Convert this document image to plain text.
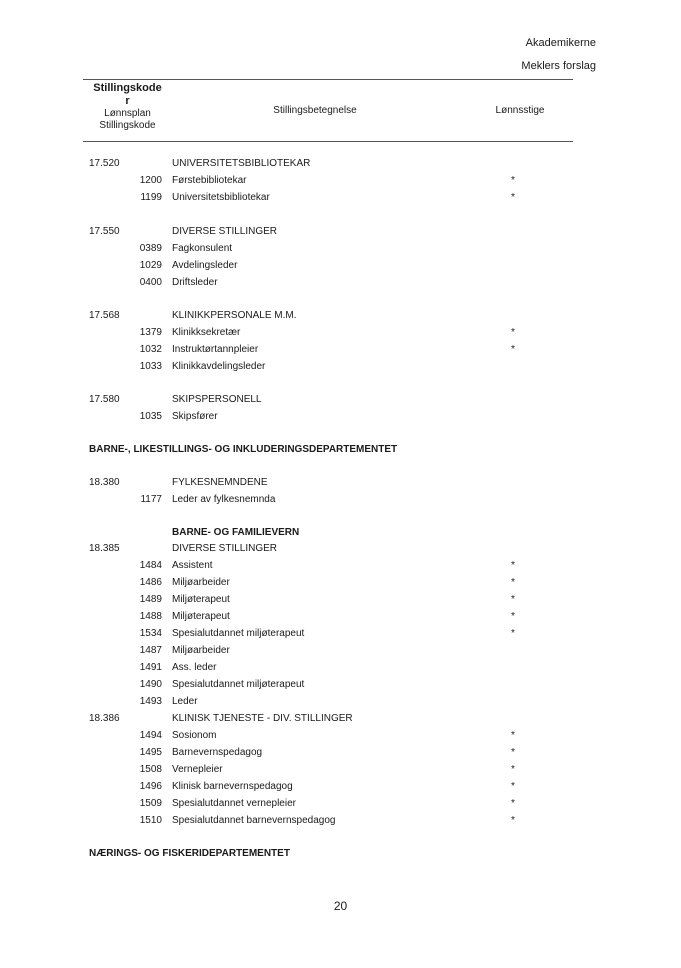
Akademikerne
Meklers forslag
Stillingskode
r
Lønnsplan
Stillingskode
Stillingsbetegnelse	Lønnsstige
17.520	UNIVERSITETSBIBLIOTEKAR
1200 Førstebibliotekar	*
1199 Universitetsbibliotekar	*
17.550	DIVERSE STILLINGER
0389 Fagkonsulent
1029 Avdelingsleder
0400 Driftsleder
17.568	KLINIKKPERSONALE M.M.
1379 Klinikksekretær	*
1032 Instruktørtannpleier	*
1033 Klinikkavdelingsleder
17.580	SKIPSPERSONELL
1035 Skipsfører
BARNE-, LIKESTILLINGS- OG INKLUDERINGSDEPARTEMENTET
18.380	FYLKESNEMNDENE
1177 Leder av fylkesnemnda
BARNE- OG FAMILIEVERN
18.385	DIVERSE STILLINGER
1484 Assistent	*
1486 Miljøarbeider	*
1489 Miljøterapeut	*
1488 Miljøterapeut	*
1534 Spesialutdannet miljøterapeut	*
1487 Miljøarbeider
1491 Ass. leder
1490 Spesialutdannet miljøterapeut
1493 Leder
18.386	KLINISK TJENESTE - DIV. STILLINGER
1494 Sosionom	*
1495 Barnevernspedagog	*
1508 Vernepleier	*
1496 Klinisk barnevernspedagog	*
1509 Spesialutdannet vernepleier	*
1510 Spesialutdannet barnevernspedagog	*
NÆRINGS- OG FISKERIDEPARTEMENTET
20
